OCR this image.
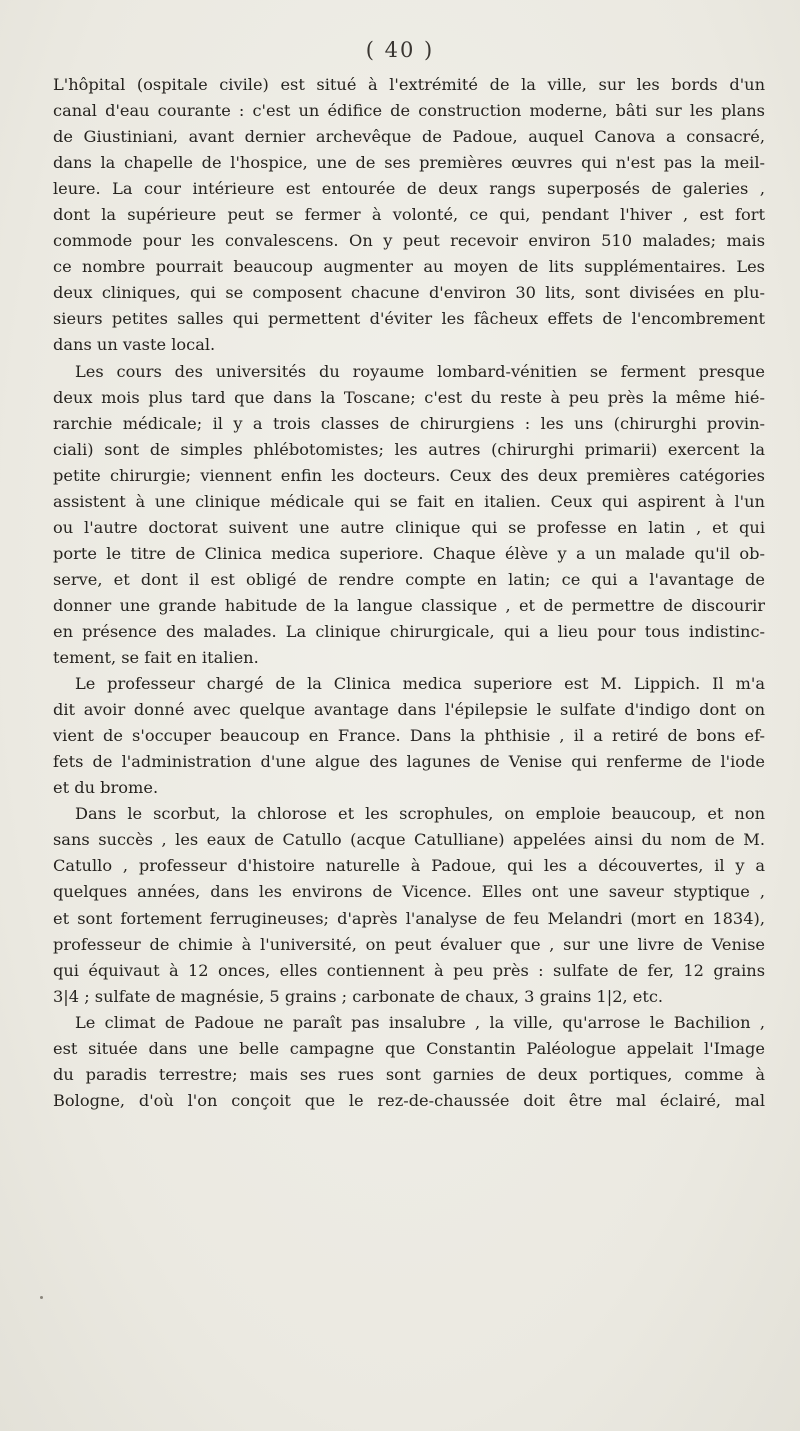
( 40 )

L'hôpital (ospitale civile) est situé à l'extrémité de la ville, sur les bords d'un
canal d'eau courante : c'est un édifice de construction moderne, bâti sur les plans
de Giustiniani, avant dernier archevêque de Padoue, auquel Canova a consacré,
dans la chapelle de l'hospice, une de ses premières œuvres qui n'est pas la meil-
leure. La cour intérieure est entourée de deux rangs superposés de galeries ,
dont la supérieure peut se fermer à volonté, ce qui, pendant l'hiver , est fort
commode pour les convalescens. On y peut recevoir environ 510 malades; mais
ce nombre pourrait beaucoup augmenter au moyen de lits supplémentaires. Les
deux cliniques, qui se composent chacune d'environ 30 lits, sont divisées en plu-
sieurs petites salles qui permettent d'éviter les fâcheux effets de l'encombrement
dans un vaste local.

Les cours des universités du royaume lombard-vénitien se ferment presque
deux mois plus tard que dans la Toscane; c'est du reste à peu près la même hié-
rarchie médicale; il y a trois classes de chirurgiens : les uns (chirurghi provin-
ciali) sont de simples phlébotomistes; les autres (chirurghi primarii) exercent la
petite chirurgie; viennent enfin les docteurs. Ceux des deux premières catégories
assistent à une clinique médicale qui se fait en italien. Ceux qui aspirent à l'un
ou l'autre doctorat suivent une autre clinique qui se professe en latin , et qui
porte le titre de Clinica medica superiore. Chaque élève y a un malade qu'il ob-
serve, et dont il est obligé de rendre compte en latin; ce qui a l'avantage de
donner une grande habitude de la langue classique , et de permettre de discourir
en présence des malades. La clinique chirurgicale, qui a lieu pour tous indistinc-
tement, se fait en italien.

Le professeur chargé de la Clinica medica superiore est M. Lippich. Il m'a
dit avoir donné avec quelque avantage dans l'épilepsie le sulfate d'indigo dont on
vient de s'occuper beaucoup en France. Dans la phthisie , il a retiré de bons ef-
fets de l'administration d'une algue des lagunes de Venise qui renferme de l'iode
et du brome.

Dans le scorbut, la chlorose et les scrophules, on emploie beaucoup, et non
sans succès , les eaux de Catullo (acque Catulliane) appelées ainsi du nom de M.
Catullo , professeur d'histoire naturelle à Padoue, qui les a découvertes, il y a
quelques années, dans les environs de Vicence. Elles ont une saveur styptique ,
et sont fortement ferrugineuses; d'après l'analyse de feu Melandri (mort en 1834),
professeur de chimie à l'université, on peut évaluer que , sur une livre de Venise
qui équivaut à 12 onces, elles contiennent à peu près : sulfate de fer, 12 grains
3|4 ; sulfate de magnésie, 5 grains ; carbonate de chaux, 3 grains 1|2, etc.

Le climat de Padoue ne paraît pas insalubre , la ville, qu'arrose le Bachilion ,
est située dans une belle campagne que Constantin Paléologue appelait l'Image
du paradis terrestre; mais ses rues sont garnies de deux portiques, comme à
Bologne, d'où l'on conçoit que le rez-de-chaussée doit être mal éclairé, mal
